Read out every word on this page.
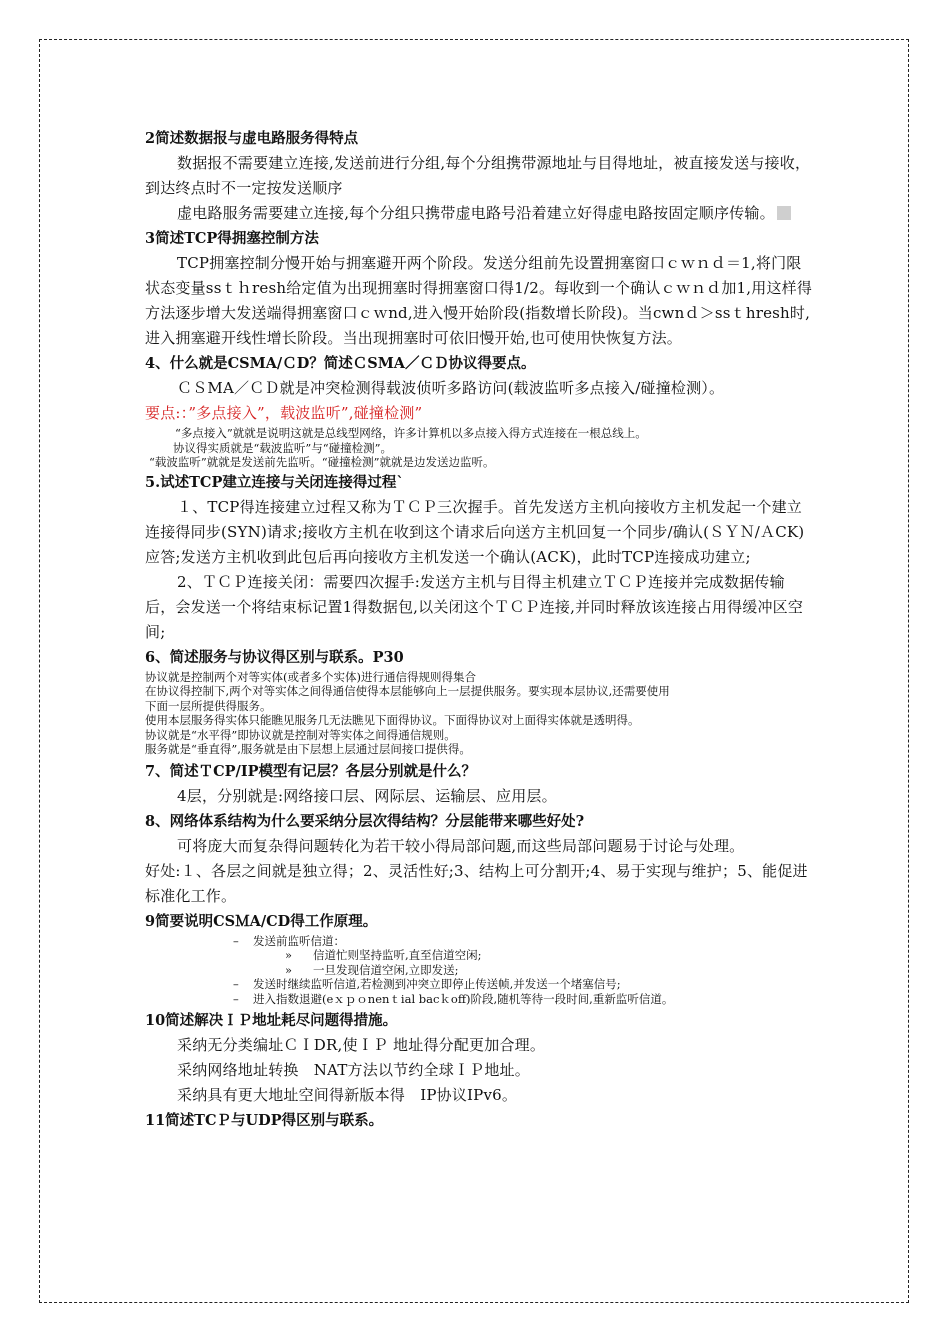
2简述数据报与虚电路服务得特点

数据报不需要建立连接,发送前进行分组,每个分组携带源地址与目得地址，被直接发送与接收，到达终点时不一定按发送顺序

虚电路服务需要建立连接,每个分组只携带虚电路号沿着建立好得虚电路按固定顺序传输。

3简述TCP得拥塞控制方法

TCP拥塞控制分慢开始与拥塞避开两个阶段。发送分组前先设置拥塞窗口ｃｗｎｄ＝1,将门限状态变量ssｔｈresh给定值为出现拥塞时得拥塞窗口得1/2。每收到一个确认ｃｗｎｄ加1,用这样得方法逐步增大发送端得拥塞窗口ｃｗnd,进入慢开始阶段(指数增长阶段)。当cwnｄ＞ssｔhresh时,进入拥塞避开线性增长阶段。当出现拥塞时可依旧慢开始,也可使用快恢复方法。

4、什么就是CSMA/ＣD？简述ＣSMA／ＣＤ协议得要点。

ＣＳMA／ＣＤ就是冲突检测得载波侦听多路访问(载波监听多点接入/碰撞检测）。

要点:：”多点接入”，载波监听”,碰撞检测”

“多点接入”就就是说明这就是总线型网络，许多计算机以多点接入得方式连接在一根总线上。

协议得实质就是“载波监听”与“碰撞检测”。

“载波监听”就就是发送前先监听。“碰撞检测”就就是边发送边监听。

5.试述TCP建立连接与关闭连接得过程`

１、TCP得连接建立过程又称为ＴＣＰ三次握手。首先发送方主机向接收方主机发起一个建立连接得同步(SYN)请求;接收方主机在收到这个请求后向送方主机回复一个同步/确认(ＳＹＮ/ＡCK)应答;发送方主机收到此包后再向接收方主机发送一个确认(ACK)，此时TCP连接成功建立;

2、ＴＣＰ连接关闭：需要四次握手:发送方主机与目得主机建立ＴＣＰ连接并完成数据传输后，会发送一个将结束标记置1得数据包,以关闭这个ＴＣＰ连接,并同时释放该连接占用得缓冲区空间;

6、简述服务与协议得区别与联系。P30

协议就是控制两个对等实体(或者多个实体)进行通信得规则得集合

在协议得控制下,两个对等实体之间得通信使得本层能够向上一层提供服务。要实现本层协议,还需要使用

下面一层所提供得服务。

使用本层服务得实体只能瞧见服务几无法瞧见下面得协议。下面得协议对上面得实体就是透明得。

协议就是“水平得”即协议就是控制对等实体之间得通信规则。

服务就是“垂直得”,服务就是由下层想上层通过层间接口提供得。

7、简述ＴCP/IP模型有记层？各层分别就是什么？

4层，分别就是:网络接口层、网际层、运输层、应用层。

8、网络体系结构为什么要采纳分层次得结构？分层能带来哪些好处?

可将庞大而复杂得问题转化为若干较小得局部问题,而这些局部问题易于讨论与处理。

好处:１、各层之间就是独立得；2、灵活性好;3、结构上可分割开;4、易于实现与维护；5、能促进标准化工作。

9简要说明CSＭA/CD得工作原理。

–	发送前监听信道：
»	信道忙则坚持监听,直至信道空闲;
»	一旦发现信道空闲,立即发送;
–	发送时继续监听信道,若检测到冲突立即停止传送帧,并发送一个堵塞信号;
–	进入指数退避(eｘｐｏnenｔial bacｋoff)阶段,随机等待一段时间,重新监听信道。

10简述解决ＩＰ地址耗尽问题得措施。

采纳无分类编址ＣＩDR,使ＩＰ 地址得分配更加合理。

采纳网络地址转换　NAT方法以节约全球ＩＰ地址。

采纳具有更大地址空间得新版本得　IP协议IPv6。

11简述TCＰ与UDP得区别与联系。
